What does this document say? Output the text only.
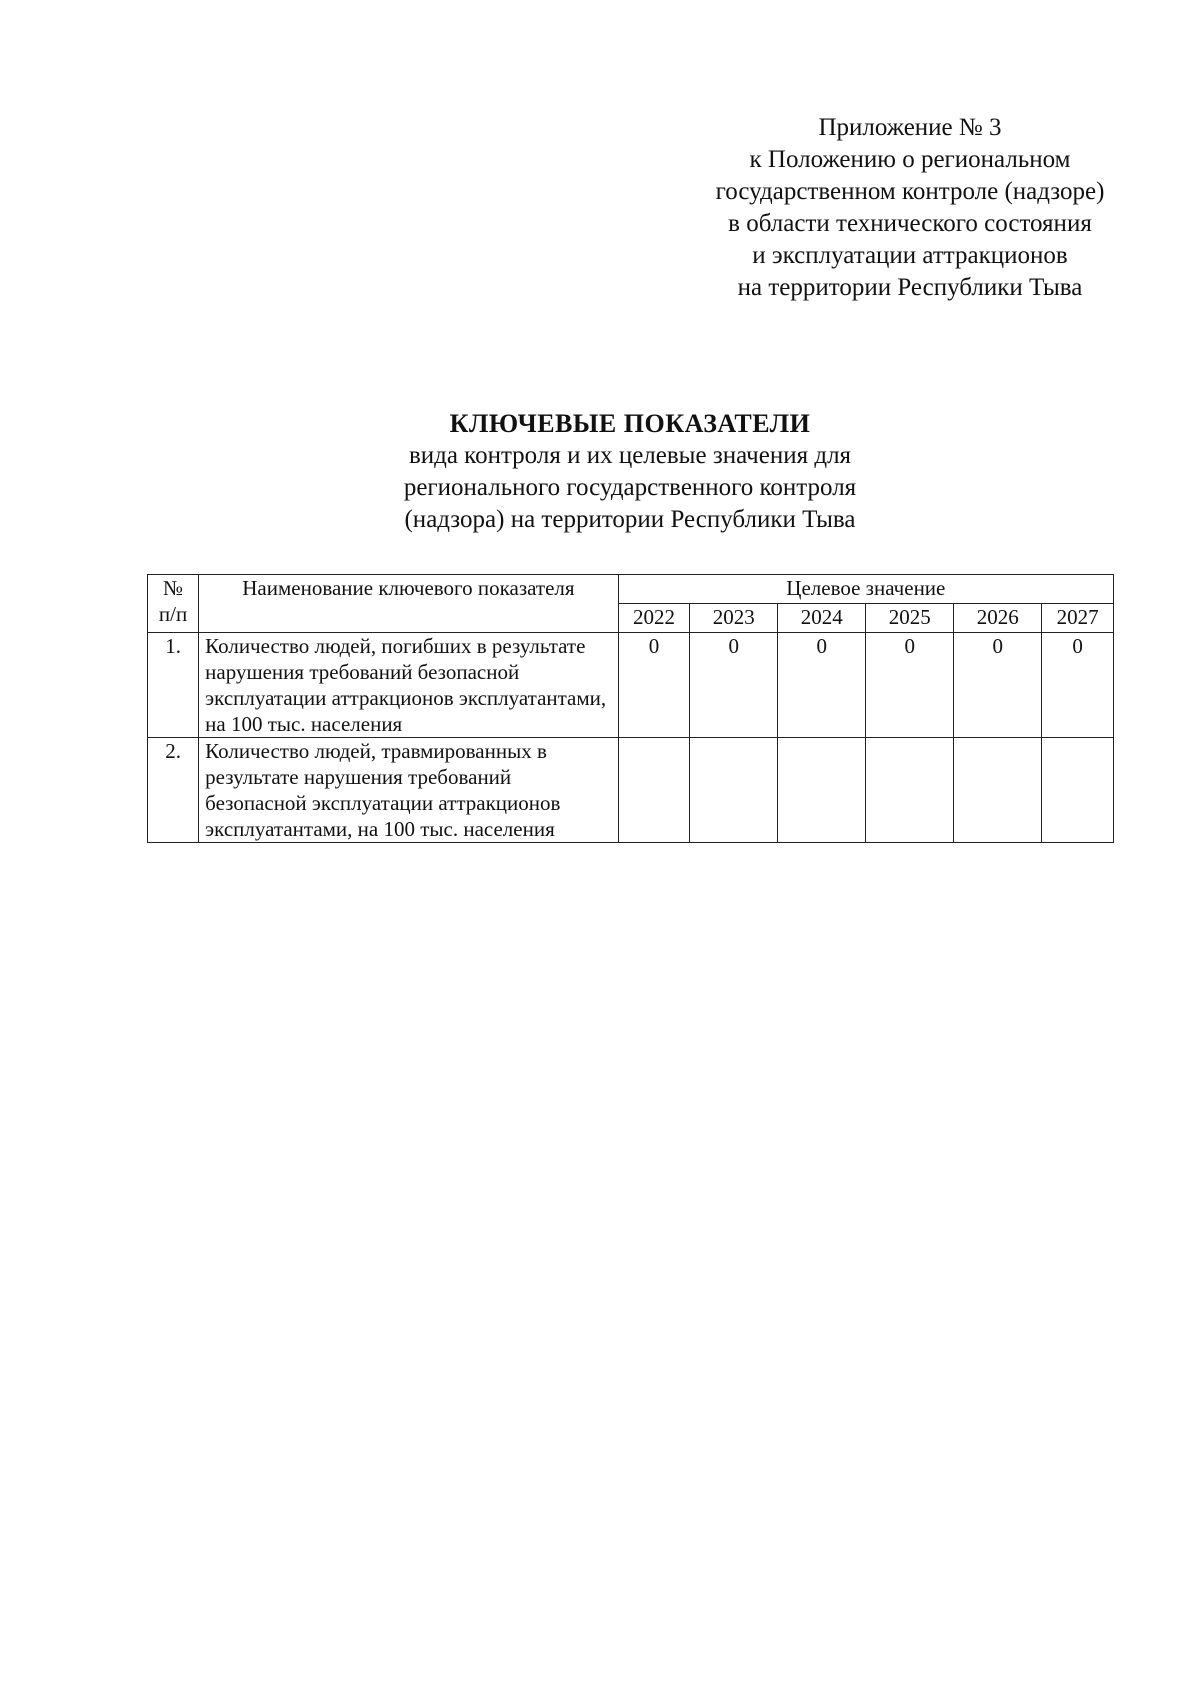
Приложение № 3
к Положению о региональном
государственном контроле (надзоре)
в области технического состояния
и эксплуатации аттракционов
на территории Республики Тыва
КЛЮЧЕВЫЕ ПОКАЗАТЕЛИ
вида контроля и их целевые значения для
регионального государственного контроля
(надзора) на территории Республики Тыва
№
п/п	Наименование ключевого показателя	Целевое значение					
		2022	2023	2024	2025	2026	2027
1.	Количество людей, погибших в результате нарушения требований безопасной эксплуатации аттракционов эксплуатантами, на 100 тыс. населения	0	0	0	0	0	0
2.	Количество людей, травмированных в результате нарушения требований безопасной эксплуатации аттракционов эксплуатантами, на 100 тыс. населения						
